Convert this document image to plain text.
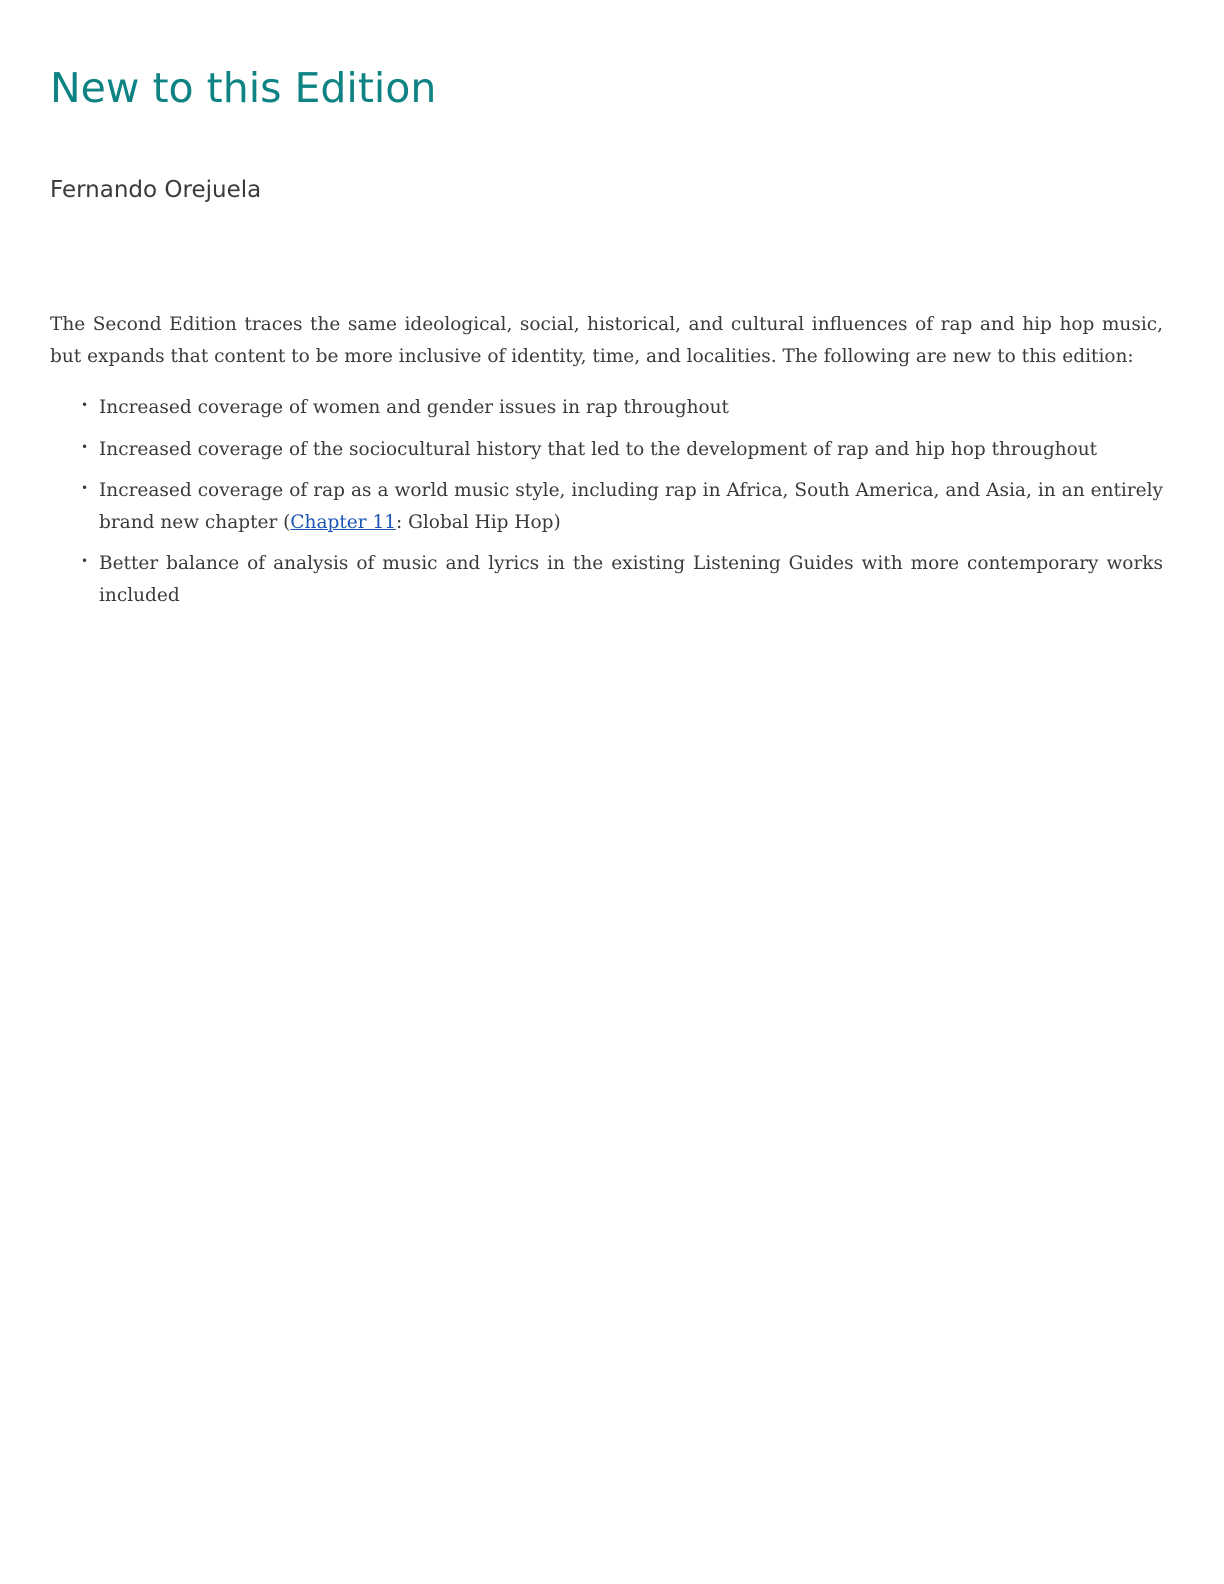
New to this Edition
Fernando Orejuela

The Second Edition traces the same ideological, social, historical, and cultural influences of rap and hip hop music, but expands that content to be more inclusive of identity, time, and localities. The following are new to this edition:

• Increased coverage of women and gender issues in rap throughout
• Increased coverage of the sociocultural history that led to the development of rap and hip hop throughout
• Increased coverage of rap as a world music style, including rap in Africa, South America, and Asia, in an entirely brand new chapter (Chapter 11: Global Hip Hop)
• Better balance of analysis of music and lyrics in the existing Listening Guides with more contemporary works included
